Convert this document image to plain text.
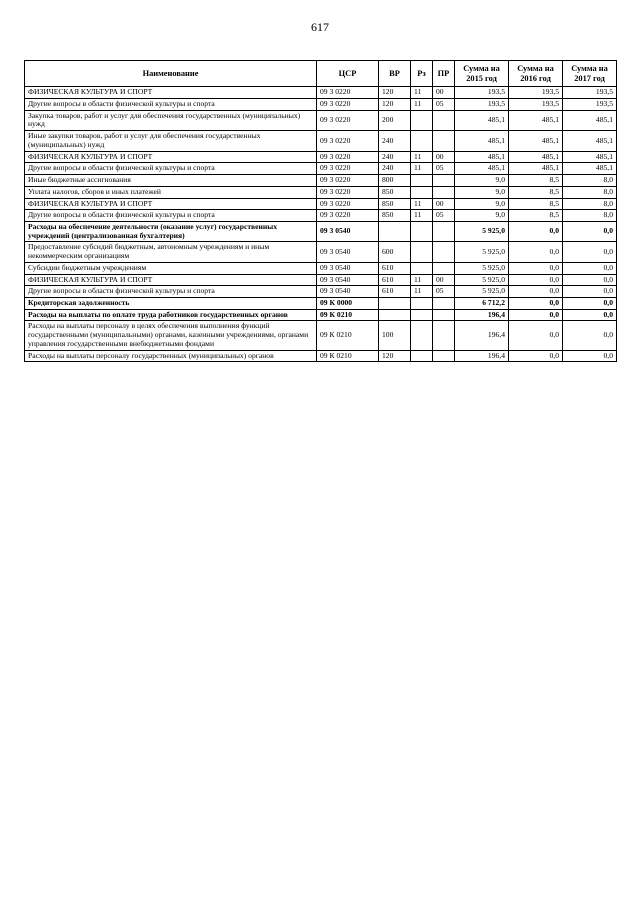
617
Наименование	ЦСР	ВР	Рз	ПР	Сумма на 2015 год	Сумма на 2016 год	Сумма на 2017 год
ФИЗИЧЕСКАЯ КУЛЬТУРА И СПОРТ	09 3 0220	120	11	00	193,5	193,5	193,5
Другие вопросы в области физической культуры и спорта	09 3 0220	120	11	05	193,5	193,5	193,5
Закупка товаров, работ и услуг для обеспечения государственных (муниципальных) нужд	09 3 0220	200			485,1	485,1	485,1
Иные закупки товаров, работ и услуг для обеспечения государственных (муниципальных) нужд	09 3 0220	240			485,1	485,1	485,1
ФИЗИЧЕСКАЯ КУЛЬТУРА И СПОРТ	09 3 0220	240	11	00	485,1	485,1	485,1
Другие вопросы в области физической культуры и спорта	09 3 0220	240	11	05	485,1	485,1	485,1
Иные бюджетные ассигнования	09 3 0220	800			9,0	8,5	8,0
Уплата налогов, сборов и иных платежей	09 3 0220	850			9,0	8,5	8,0
ФИЗИЧЕСКАЯ КУЛЬТУРА И СПОРТ	09 3 0220	850	11	00	9,0	8,5	8,0
Другие вопросы в области физической культуры и спорта	09 3 0220	850	11	05	9,0	8,5	8,0
Расходы на обеспечение деятельности (оказание услуг) государственных учреждений (централизованная бухгалтерия)	09 3 0540				5 925,0	0,0	0,0
Предоставление субсидий бюджетным, автономным учреждениям и иным некоммерческим организациям	09 3 0540	600			5 925,0	0,0	0,0
Субсидии бюджетным учреждениям	09 3 0540	610			5 925,0	0,0	0,0
ФИЗИЧЕСКАЯ КУЛЬТУРА И СПОРТ	09 3 0540	610	11	00	5 925,0	0,0	0,0
Другие вопросы в области физической культуры и спорта	09 3 0540	610	11	05	5 925,0	0,0	0,0
Кредиторская задолженность	09 К 0000				6 712,2	0,0	0,0
Расходы на выплаты по оплате труда работников государственных органов	09 К 0210				196,4	0,0	0,0
Расходы на выплаты персоналу в целях обеспечения выполнения функций государственными (муниципальными) органами, казенными учреждениями, органами управления государственными внебюджетными фондами	09 К 0210	100			196,4	0,0	0,0
Расходы на выплаты персоналу государственных (муниципальных) органов	09 К 0210	120			196,4	0,0	0,0
